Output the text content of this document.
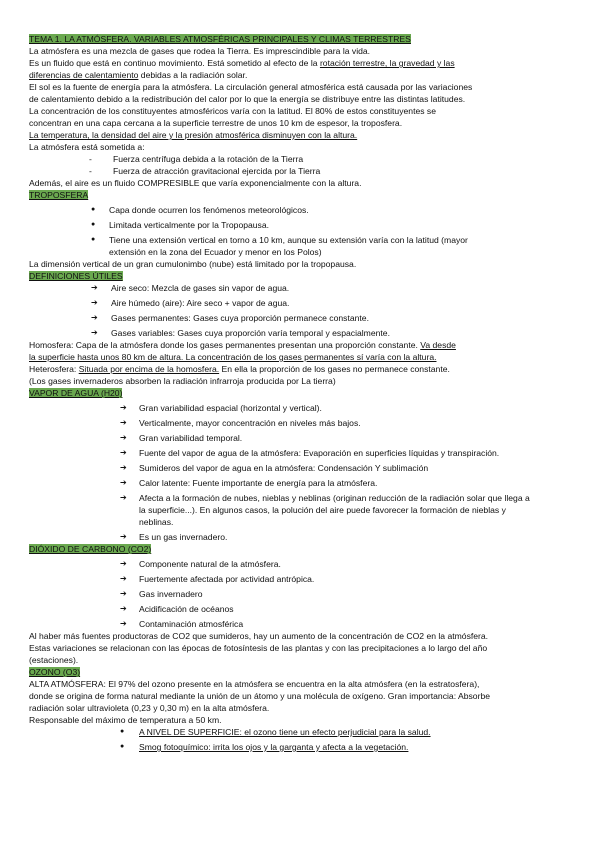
TEMA 1. LA ATMÓSFERA. VARIABLES ATMOSFÉRICAS PRINCIPALES Y CLIMAS TERRESTRES
La atmósfera es una mezcla de gases que rodea la Tierra. Es imprescindible para la vida.
Es un fluido que está en continuo movimiento. Está sometido al efecto de la rotación terrestre, la gravedad y las
diferencias de calentamiento debidas a la radiación solar.
El sol es la fuente de energía para la atmósfera. La circulación general atmosférica está causada por las variaciones
de calentamiento debido a la redistribución del calor por lo que la energía se distribuye entre las distintas latitudes.
La concentración de los constituyentes atmosféricos varía con la latitud. El 80% de estos constituyentes se
concentran en una capa cercana a la superficie terrestre de unos 10 km de espesor, la troposfera.
La temperatura, la densidad del aire y la presión atmosférica disminuyen con la altura.
La atmósfera está sometida a:
- Fuerza centrífuga debida a la rotación de la Tierra
- Fuerza de atracción gravitacional ejercida por la Tierra
Además, el aire es un fluido COMPRESIBLE que varía exponencialmente con la altura.
TROPOSFERA
● Capa donde ocurren los fenómenos meteorológicos.
● Limitada verticalmente por la Tropopausa.
● Tiene una extensión vertical en torno a 10 km, aunque su extensión varía con la latitud (mayor
extensión en la zona del Ecuador y menor en los Polos)
La dimensión vertical de un gran cumulonimbo (nube) está limitado por la tropopausa.
DEFINICIONES ÚTILES
➔ Aire seco: Mezcla de gases sin vapor de agua.
➔ Aire húmedo (aire): Aire seco + vapor de agua.
➔ Gases permanentes: Gases cuya proporción permanece constante.
➔ Gases variables: Gases cuya proporción varía temporal y espacialmente.
Homosfera: Capa de la atmósfera donde los gases permanentes presentan una proporción constante. Va desde
la superficie hasta unos 80 km de altura. La concentración de los gases permanentes sí varía con la altura.
Heterosfera: Situada por encima de la homosfera. En ella la proporción de los gases no permanece constante.
(Los gases invernaderos absorben la radiación infrarroja producida por La tierra)
VAPOR DE AGUA (H20)
➔ Gran variabilidad espacial (horizontal y vertical).
➔ Verticalmente, mayor concentración en niveles más bajos.
➔ Gran variabilidad temporal.
➔ Fuente del vapor de agua de la atmósfera: Evaporación en superficies líquidas y transpiración.
➔ Sumideros del vapor de agua en la atmósfera: Condensación Y sublimación
➔ Calor latente: Fuente importante de energía para la atmósfera.
➔ Afecta a la formación de nubes, nieblas y neblinas (originan reducción de la radiación solar que llega a
la superficie...). En algunos casos, la polución del aire puede favorecer la formación de nieblas y
neblinas.
➔ Es un gas invernadero.
DIÓXIDO DE CARBONO (CO2)
➔ Componente natural de la atmósfera.
➔ Fuertemente afectada por actividad antrópica.
➔ Gas invernadero
➔ Acidificación de océanos
➔ Contaminación atmosférica
Al haber más fuentes productoras de CO2 que sumideros, hay un aumento de la concentración de CO2 en la atmósfera.
Estas variaciones se relacionan con las épocas de fotosíntesis de las plantas y con las precipitaciones a lo largo del año
(estaciones).
OZONO (O3)
ALTA ATMÓSFERA: El 97% del ozono presente en la atmósfera se encuentra en la alta atmósfera (en la estratosfera),
donde se origina de forma natural mediante la unión de un átomo y una molécula de oxígeno. Gran importancia: Absorbe
radiación solar ultravioleta (0,23 y 0,30 m) en la alta atmósfera.
Responsable del máximo de temperatura a 50 km.
● A NIVEL DE SUPERFICIE: el ozono tiene un efecto perjudicial para la salud.
● Smog fotoquímico: irrita los ojos y la garganta y afecta a la vegetación.
